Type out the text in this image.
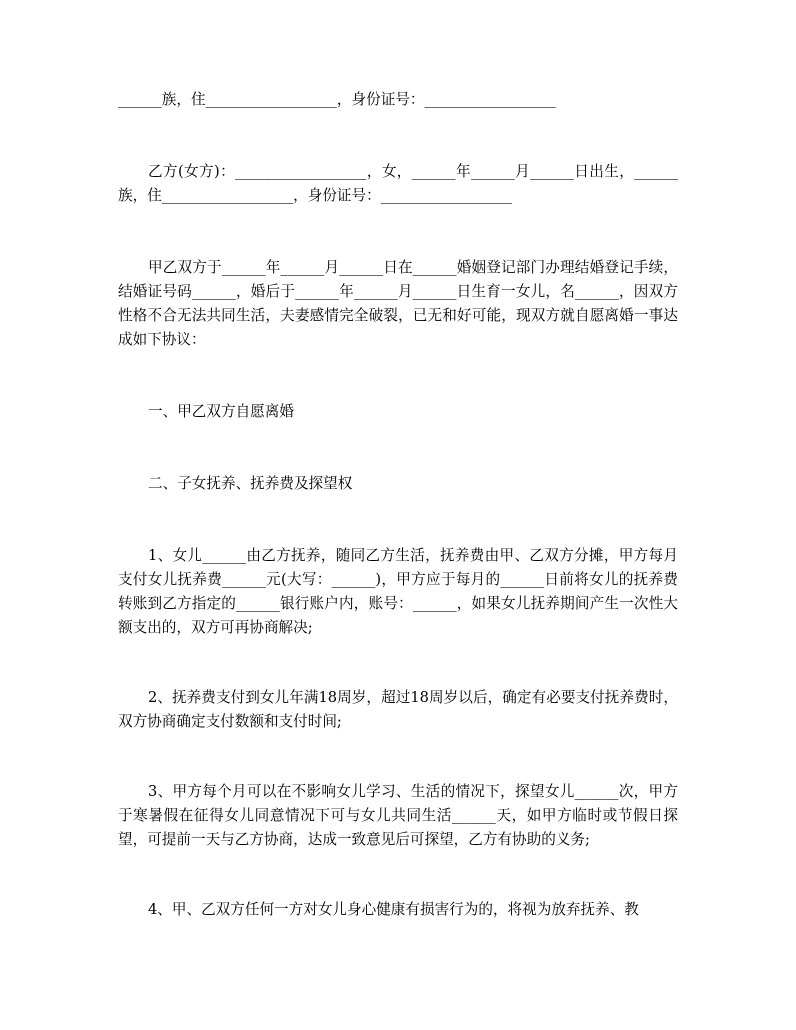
______族，住__________________，身份证号：__________________

乙方(女方)：__________________，女，______年______月______日出生，______族，住__________________，身份证号：__________________

甲乙双方于______年______月______日在______婚姻登记部门办理结婚登记手续，结婚证号码______，婚后于______年______月______日生育一女儿，名______，因双方性格不合无法共同生活，夫妻感情完全破裂，已无和好可能，现双方就自愿离婚一事达成如下协议：

一、甲乙双方自愿离婚

二、子女抚养、抚养费及探望权

1、女儿______由乙方抚养，随同乙方生活，抚养费由甲、乙双方分摊，甲方每月支付女儿抚养费______元(大写：______)，甲方应于每月的______日前将女儿的抚养费转账到乙方指定的______银行账户内，账号：______，如果女儿抚养期间产生一次性大额支出的，双方可再协商解决;

2、抚养费支付到女儿年满18周岁，超过18周岁以后，确定有必要支付抚养费时，双方协商确定支付数额和支付时间;

3、甲方每个月可以在不影响女儿学习、生活的情况下，探望女儿______次，甲方于寒暑假在征得女儿同意情况下可与女儿共同生活______天，如甲方临时或节假日探望，可提前一天与乙方协商，达成一致意见后可探望，乙方有协助的义务;

4、甲、乙双方任何一方对女儿身心健康有损害行为的，将视为放弃抚养、教
